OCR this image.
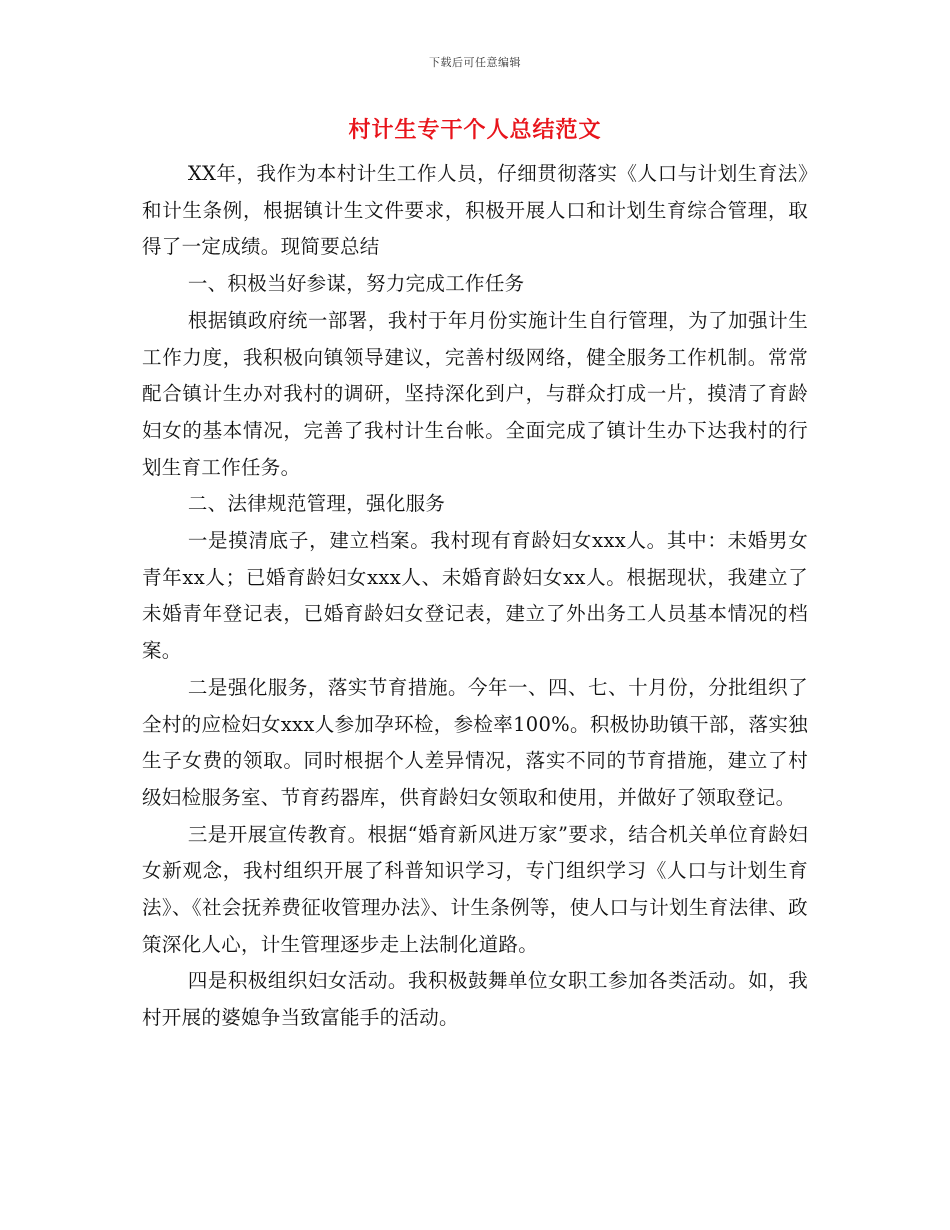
下载后可任意编辑
村计生专干个人总结范文

XX年，我作为本村计生工作人员，仔细贯彻落实《人口与计划生育法》和计生条例，根据镇计生文件要求，积极开展人口和计划生育综合管理，取得了一定成绩。现简要总结

一、积极当好参谋，努力完成工作任务

根据镇政府统一部署，我村于年月份实施计生自行管理，为了加强计生工作力度，我积极向镇领导建议，完善村级网络，健全服务工作机制。常常配合镇计生办对我村的调研，坚持深化到户，与群众打成一片，摸清了育龄妇女的基本情况，完善了我村计生台帐。全面完成了镇计生办下达我村的行划生育工作任务。

二、法律规范管理，强化服务

一是摸清底子，建立档案。我村现有育龄妇女xxx人。其中：未婚男女青年xx人；已婚育龄妇女xxx人、未婚育龄妇女xx人。根据现状，我建立了未婚青年登记表，已婚育龄妇女登记表，建立了外出务工人员基本情况的档案。

二是强化服务，落实节育措施。今年一、四、七、十月份，分批组织了全村的应检妇女xxx人参加孕环检，参检率100%。积极协助镇干部，落实独生子女费的领取。同时根据个人差异情况，落实不同的节育措施，建立了村级妇检服务室、节育药器库，供育龄妇女领取和使用，并做好了领取登记。

三是开展宣传教育。根据“婚育新风进万家”要求，结合机关单位育龄妇女新观念，我村组织开展了科普知识学习，专门组织学习《人口与计划生育法》、《社会抚养费征收管理办法》、计生条例等，使人口与计划生育法律、政策深化人心，计生管理逐步走上法制化道路。

四是积极组织妇女活动。我积极鼓舞单位女职工参加各类活动。如，我村开展的婆媳争当致富能手的活动。
